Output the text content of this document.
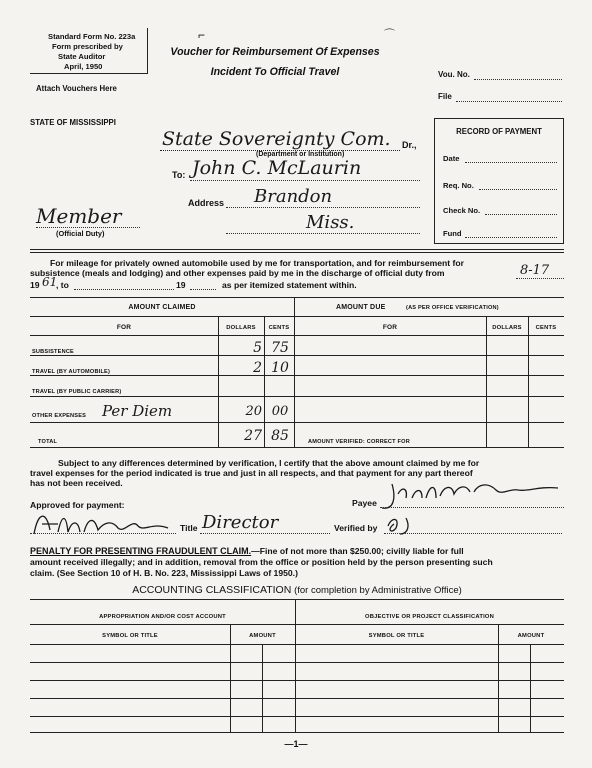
Standard Form No. 223a
Form prescribed by
State Auditor
April, 1950
Attach Vouchers Here
Voucher for Reimbursement Of Expenses
Incident To Official Travel
⌐	⌒
Vou. No.
File
STATE OF MISSISSIPPI
State Sovereignty Com. Dr.,
(Department or Institution)
To: John C. McLaurin
Address Brandon
Miss.
Member
(Official Duty)
RECORD OF PAYMENT
Date
Req. No.
Check No.
Fund
For mileage for privately owned automobile used by me for transportation, and for reimbursement for
subsistence (meals and lodging) and other expenses paid by me in the discharge of official duty from	8-17
19 61
, to	19	as per itemized statement within.
AMOUNT CLAIMED	AMOUNT DUE	(AS PER OFFICE VERIFICATION)
FOR	DOLLARS	CENTS	FOR	DOLLARS	CENTS
SUBSISTENCE	5 75
TRAVEL (BY AUTOMOBILE)	2 10
TRAVEL (BY PUBLIC CARRIER)
OTHER EXPENSES Per Diem	20 00
TOTAL	27 85	AMOUNT VERIFIED: CORRECT FOR
Subject to any differences determined by verification, I certify that the above amount claimed by me for
travel expenses for the period indicated is true and just in all respects, and that payment for any part thereof
has not been received.
Approved for payment:
Title Director
Payee
Verified by
PENALTY FOR PRESENTING FRAUDULENT CLAIM.—Fine of not more than $250.00; civilly liable for full
amount received illegally; and in addition, removal from the office or position held by the person presenting such
claim. (See Section 10 of H. B. No. 223, Mississippi Laws of 1950.)
ACCOUNTING CLASSIFICATION (for completion by Administrative Office)
APPROPRIATION AND/OR COST ACCOUNT	OBJECTIVE OR PROJECT CLASSIFICATION
SYMBOL OR TITLE	AMOUNT	SYMBOL OR TITLE	AMOUNT
—1—
